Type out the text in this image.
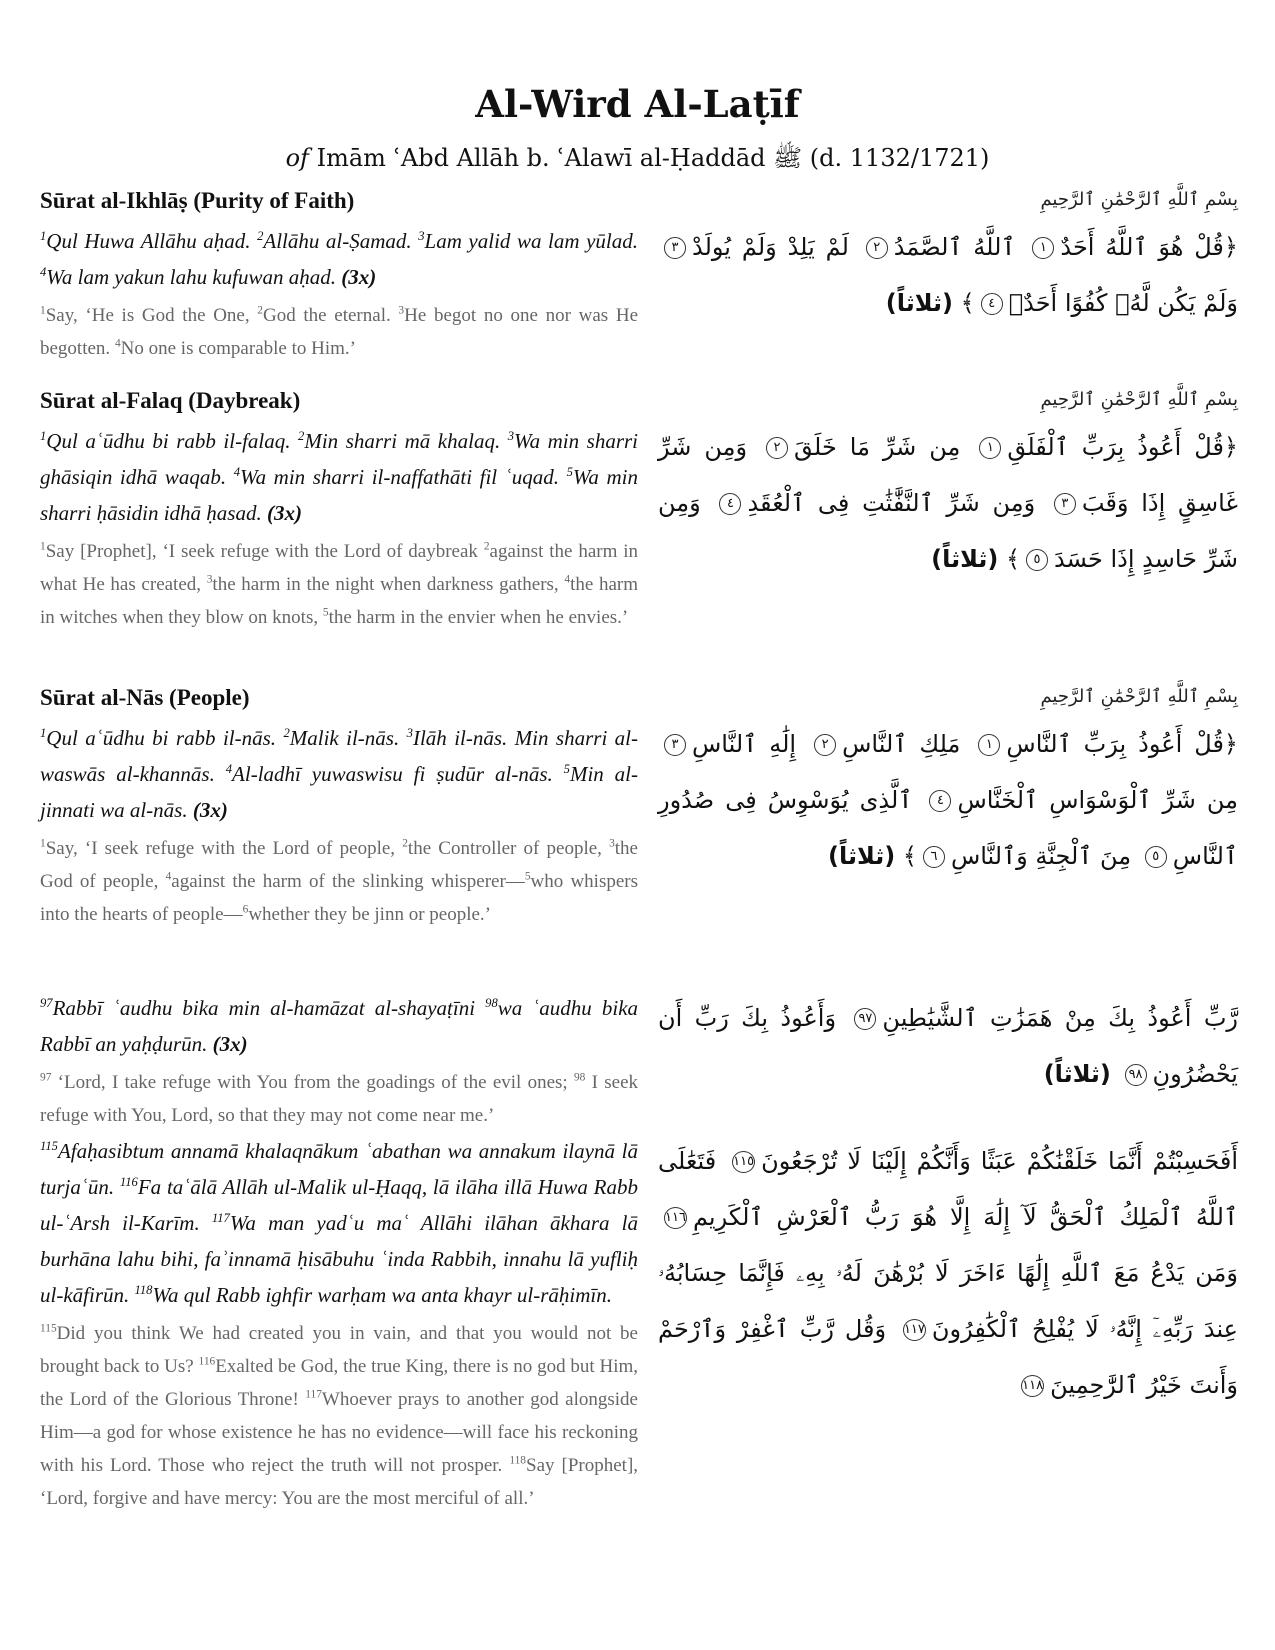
Al-Wird Al-Laṭīf
of Imām ʿAbd Allāh b. ʿAlawī al-Ḥaddād ﷺ (d. 1132/1721)
Sūrat al-Ikhlāṣ (Purity of Faith)

$^1$Qul Huwa Allāhu aḥad. $^2$Allāhu al-Ṣamad. $^3$Lam yalid wa lam yūlad. $^4$Wa lam yakun lahu kufuwan aḥad. (3x)

$^1$Say, ‘He is God the One, $^2$God the eternal. $^3$He begot no one nor was He begotten. $^4$No one is comparable to Him.’

بِسْمِ ٱللَّهِ ٱلرَّحْمَٰنِ ٱلرَّحِيمِ

﴿قُلْ هُوَ ٱللَّهُ أَحَدٌ١ ٱللَّهُ ٱلصَّمَدُ٢ لَمْ يَلِدْ وَلَمْ يُولَدْ٣ وَلَمْ يَكُن لَّهُۥ كُفُوًا أَحَدٌۢ٤﴾ (ثلاثاً)

Sūrat al-Falaq (Daybreak)

$^1$Qul aʿūdhu bi rabb il-falaq. $^2$Min sharri mā khalaq. $^3$Wa min sharri ghāsiqin idhā waqab. $^4$Wa min sharri il-naffathāti fil ʿuqad. $^5$Wa min sharri ḥāsidin idhā ḥasad. (3x)

$^1$Say [Prophet], ‘I seek refuge with the Lord of daybreak $^2$against the harm in what He has created, $^3$the harm in the night when darkness gathers, $^4$the harm in witches when they blow on knots, $^5$the harm in the envier when he envies.’

بِسْمِ ٱللَّهِ ٱلرَّحْمَٰنِ ٱلرَّحِيمِ

﴿قُلْ أَعُوذُ بِرَبِّ ٱلْفَلَقِ١ مِن شَرِّ مَا خَلَقَ٢ وَمِن شَرِّ غَاسِقٍ إِذَا وَقَبَ٣ وَمِن شَرِّ ٱلنَّفَّٰثَٰتِ فِى ٱلْعُقَدِ٤ وَمِن شَرِّ حَاسِدٍ إِذَا حَسَدَ٥﴾ (ثلاثاً)

Sūrat al-Nās (People)

$^1$Qul aʿūdhu bi rabb il-nās. $^2$Malik il-nās. $^3$Ilāh il-nās. Min sharri al-waswās al-khannās. $^4$Al-ladhī yuwaswisu fi ṣudūr al-nās. $^5$Min al-jinnati wa al-nās. (3x)

$^1$Say, ‘I seek refuge with the Lord of people, $^2$the Controller of people, $^3$the God of people, $^4$against the harm of the slinking whisperer—$^5$who whispers into the hearts of people—$^6$whether they be jinn or people.’

بِسْمِ ٱللَّهِ ٱلرَّحْمَٰنِ ٱلرَّحِيمِ

﴿قُلْ أَعُوذُ بِرَبِّ ٱلنَّاسِ١ مَلِكِ ٱلنَّاسِ٢ إِلَٰهِ ٱلنَّاسِ٣ مِن شَرِّ ٱلْوَسْوَاسِ ٱلْخَنَّاسِ٤ ٱلَّذِى يُوَسْوِسُ فِى صُدُورِ ٱلنَّاسِ٥ مِنَ ٱلْجِنَّةِ وَٱلنَّاسِ٦﴾ (ثلاثاً)

$^{97}$Rabbī ʿaudhu bika min al-hamāzat al-shayaṭīni $^{98}$wa ʿaudhu bika Rabbī an yaḥḍurūn. (3x)

$^{97}$ ‘Lord, I take refuge with You from the goadings of the evil ones; $^{98}$ I seek refuge with You, Lord, so that they may not come near me.’

رَّبِّ أَعُوذُ بِكَ مِنْ هَمَزَٰتِ ٱلشَّيَٰطِينِ٩٧ وَأَعُوذُ بِكَ رَبِّ أَن يَحْضُرُونِ٩٨ (ثلاثاً)

$^{115}$Afaḥasibtum annamā khalaqnākum ʿabathan wa annakum ilaynā lā turjaʿūn. $^{116}$Fa taʿālā Allāh ul-Malik ul-Ḥaqq, lā ilāha illā Huwa Rabb ul-ʿArsh il-Karīm. $^{117}$Wa man yadʿu maʿ Allāhi ilāhan ākhara lā burhāna lahu bihi, faʾinnamā ḥisābuhu ʿinda Rabbih, innahu lā yufliḥ ul-kāfirūn. $^{118}$Wa qul Rabb ighfir warḥam wa anta khayr ul-rāḥimīn.

$^{115}$Did you think We had created you in vain, and that you would not be brought back to Us? $^{116}$Exalted be God, the true King, there is no god but Him, the Lord of the Glorious Throne! $^{117}$Whoever prays to another god alongside Him—a god for whose existence he has no evidence—will face his reckoning with his Lord. Those who reject the truth will not prosper. $^{118}$Say [Prophet], ‘Lord, forgive and have mercy: You are the most merciful of all.’

أَفَحَسِبْتُمْ أَنَّمَا خَلَقْنَٰكُمْ عَبَثًا وَأَنَّكُمْ إِلَيْنَا لَا تُرْجَعُونَ١١٥ فَتَعَٰلَى ٱللَّهُ ٱلْمَلِكُ ٱلْحَقُّ لَآ إِلَٰهَ إِلَّا هُوَ رَبُّ ٱلْعَرْشِ ٱلْكَرِيمِ١١٦ وَمَن يَدْعُ مَعَ ٱللَّهِ إِلَٰهًا ءَاخَرَ لَا بُرْهَٰنَ لَهُۥ بِهِۦ فَإِنَّمَا حِسَابُهُۥ عِندَ رَبِّهِۦٓ إِنَّهُۥ لَا يُفْلِحُ ٱلْكَٰفِرُونَ١١٧ وَقُل رَّبِّ ٱغْفِرْ وَٱرْحَمْ وَأَنتَ خَيْرُ ٱلرَّٰحِمِينَ١١٨
